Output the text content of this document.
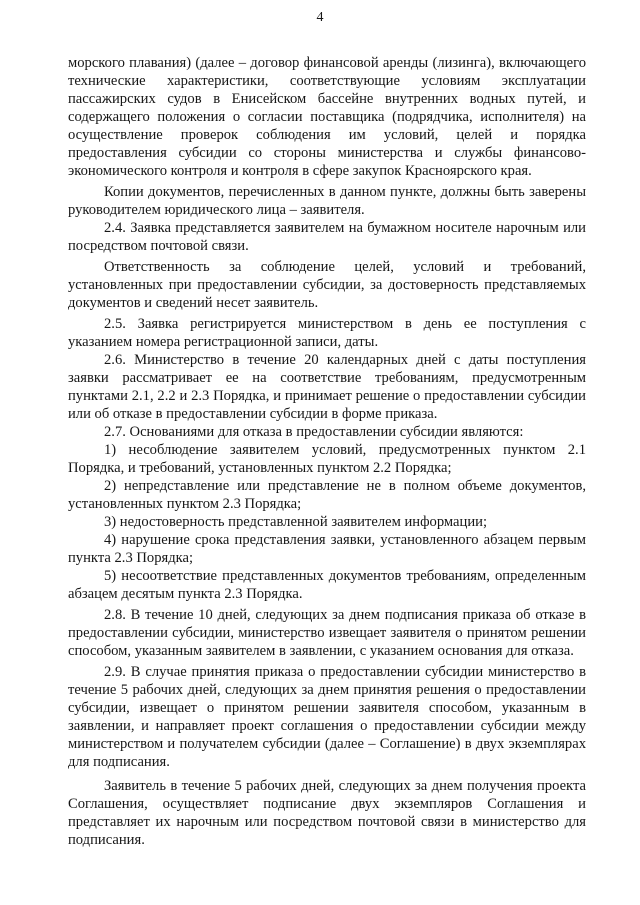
4

морского плавания) (далее – договор финансовой аренды (лизинга), включающего технические характеристики, соответствующие условиям эксплуатации пассажирских судов в Енисейском бассейне внутренних водных путей, и содержащего положения о согласии поставщика (подрядчика, исполнителя) на осуществление проверок соблюдения им условий, целей и порядка предоставления субсидии со стороны министерства и службы финансово-экономического контроля и контроля в сфере закупок Красноярского края.

Копии документов, перечисленных в данном пункте, должны быть заверены руководителем юридического лица – заявителя.

2.4. Заявка представляется заявителем на бумажном носителе нарочным или посредством почтовой связи.

Ответственность за соблюдение целей, условий и требований, установленных при предоставлении субсидии, за достоверность представляемых документов и сведений несет заявитель.

2.5. Заявка регистрируется министерством в день ее поступления с указанием номера регистрационной записи, даты.

2.6. Министерство в течение 20 календарных дней с даты поступления заявки рассматривает ее на соответствие требованиям, предусмотренным пунктами 2.1, 2.2 и 2.3 Порядка, и принимает решение о предоставлении субсидии или об отказе в предоставлении субсидии в форме приказа.

2.7. Основаниями для отказа в предоставлении субсидии являются:

1) несоблюдение заявителем условий, предусмотренных пунктом 2.1 Порядка, и требований, установленных пунктом 2.2 Порядка;

2) непредставление или представление не в полном объеме документов, установленных пунктом 2.3 Порядка;

3) недостоверность представленной заявителем информации;

4) нарушение срока представления заявки, установленного абзацем первым пункта 2.3 Порядка;

5) несоответствие представленных документов требованиям, определенным абзацем десятым пункта 2.3 Порядка.

2.8. В течение 10 дней, следующих за днем подписания приказа об отказе в предоставлении субсидии, министерство извещает заявителя о принятом решении способом, указанным заявителем в заявлении, с указанием основания для отказа.

2.9. В случае принятия приказа о предоставлении субсидии министерство в течение 5 рабочих дней, следующих за днем принятия решения о предоставлении субсидии, извещает о принятом решении заявителя способом, указанным в заявлении, и направляет проект соглашения о предоставлении субсидии между министерством и получателем субсидии (далее – Соглашение) в двух экземплярах для подписания.

Заявитель в течение 5 рабочих дней, следующих за днем получения проекта Соглашения, осуществляет подписание двух экземпляров Соглашения и представляет их нарочным или посредством почтовой связи в министерство для подписания.
